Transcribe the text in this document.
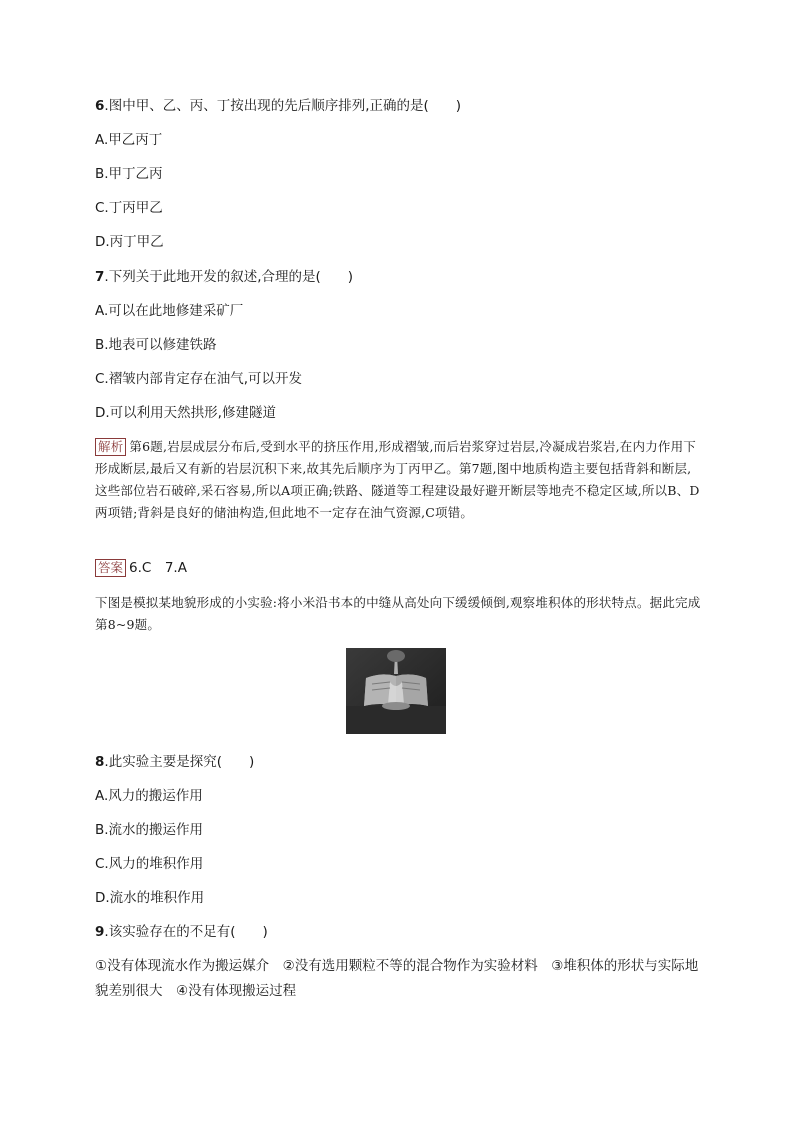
6.图中甲、乙、丙、丁按出现的先后顺序排列,正确的是(　　)

A.甲乙丙丁

B.甲丁乙丙

C.丁丙甲乙

D.丙丁甲乙

7.下列关于此地开发的叙述,合理的是(　　)

A.可以在此地修建采矿厂

B.地表可以修建铁路

C.褶皱内部肯定存在油气,可以开发

D.可以利用天然拱形,修建隧道

解析 第6题,岩层成层分布后,受到水平的挤压作用,形成褶皱,而后岩浆穿过岩层,冷凝成岩浆岩,在内力作用下形成断层,最后又有新的岩层沉积下来,故其先后顺序为丁丙甲乙。第7题,图中地质构造主要包括背斜和断层,这些部位岩石破碎,采石容易,所以A项正确;铁路、隧道等工程建设最好避开断层等地壳不稳定区域,所以B、D两项错;背斜是良好的储油构造,但此地不一定存在油气资源,C项错。

答案 6.C　7.A

下图是模拟某地貌形成的小实验:将小米沿书本的中缝从高处向下缓缓倾倒,观察堆积体的形状特点。据此完成第8~9题。

8.此实验主要是探究(　　)

A.风力的搬运作用

B.流水的搬运作用

C.风力的堆积作用

D.流水的堆积作用

9.该实验存在的不足有(　　)

①没有体现流水作为搬运媒介　②没有选用颗粒不等的混合物作为实验材料　③堆积体的形状与实际地貌差别很大　④没有体现搬运过程
